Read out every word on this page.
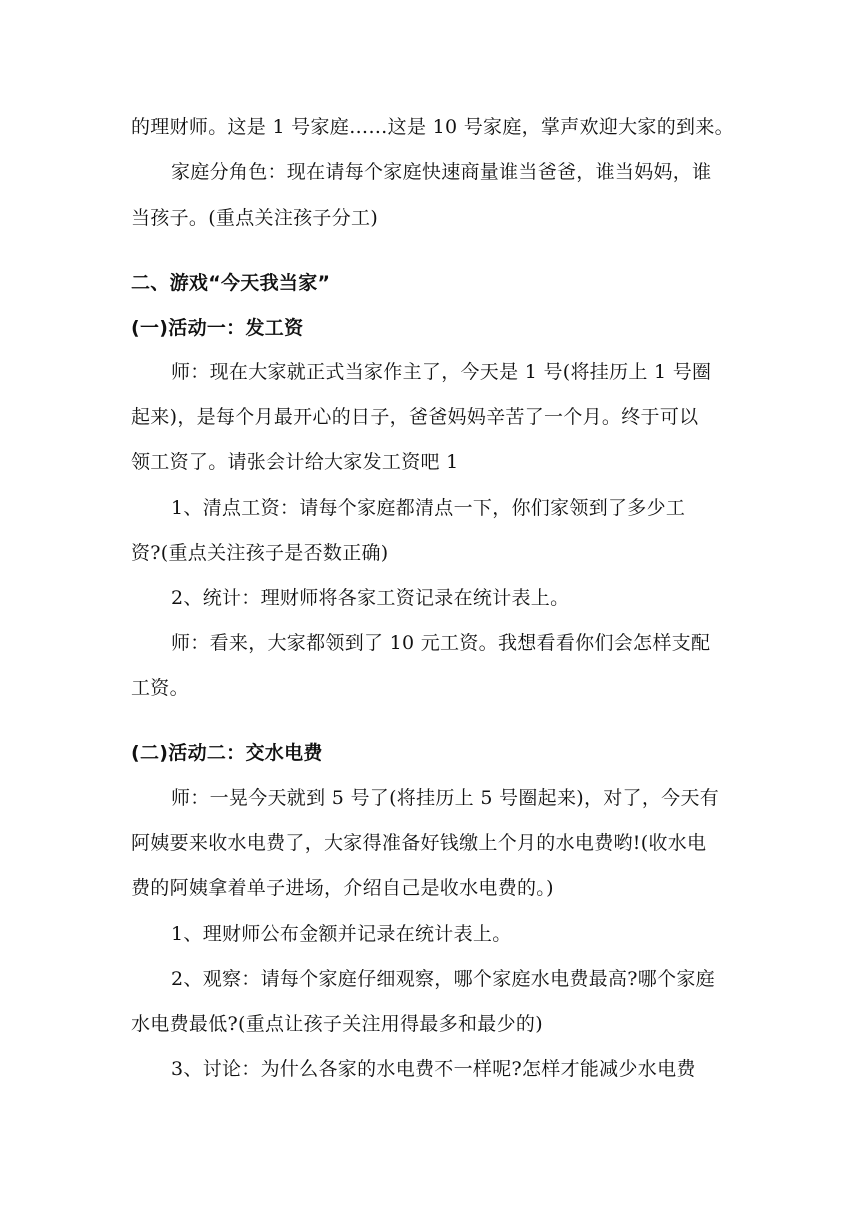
的理财师。这是 1 号家庭……这是 10 号家庭，掌声欢迎大家的到来。
家庭分角色：现在请每个家庭快速商量谁当爸爸，谁当妈妈，谁
当孩子。(重点关注孩子分工)
二、游戏“今天我当家”
(一)活动一：发工资
师：现在大家就正式当家作主了，今天是 1 号(将挂历上 1 号圈
起来)，是每个月最开心的日子，爸爸妈妈辛苦了一个月。终于可以
领工资了。请张会计给大家发工资吧 1
1、清点工资：请每个家庭都清点一下，你们家领到了多少工
资?(重点关注孩子是否数正确)
2、统计：理财师将各家工资记录在统计表上。
师：看来，大家都领到了 10 元工资。我想看看你们会怎样支配
工资。
(二)活动二：交水电费
师：一晃今天就到 5 号了(将挂历上 5 号圈起来)，对了，今天有
阿姨要来收水电费了，大家得准备好钱缴上个月的水电费哟!(收水电
费的阿姨拿着单子进场，介绍自己是收水电费的。)
1、理财师公布金额并记录在统计表上。
2、观察：请每个家庭仔细观察，哪个家庭水电费最高?哪个家庭
水电费最低?(重点让孩子关注用得最多和最少的)
3、讨论：为什么各家的水电费不一样呢?怎样才能减少水电费
